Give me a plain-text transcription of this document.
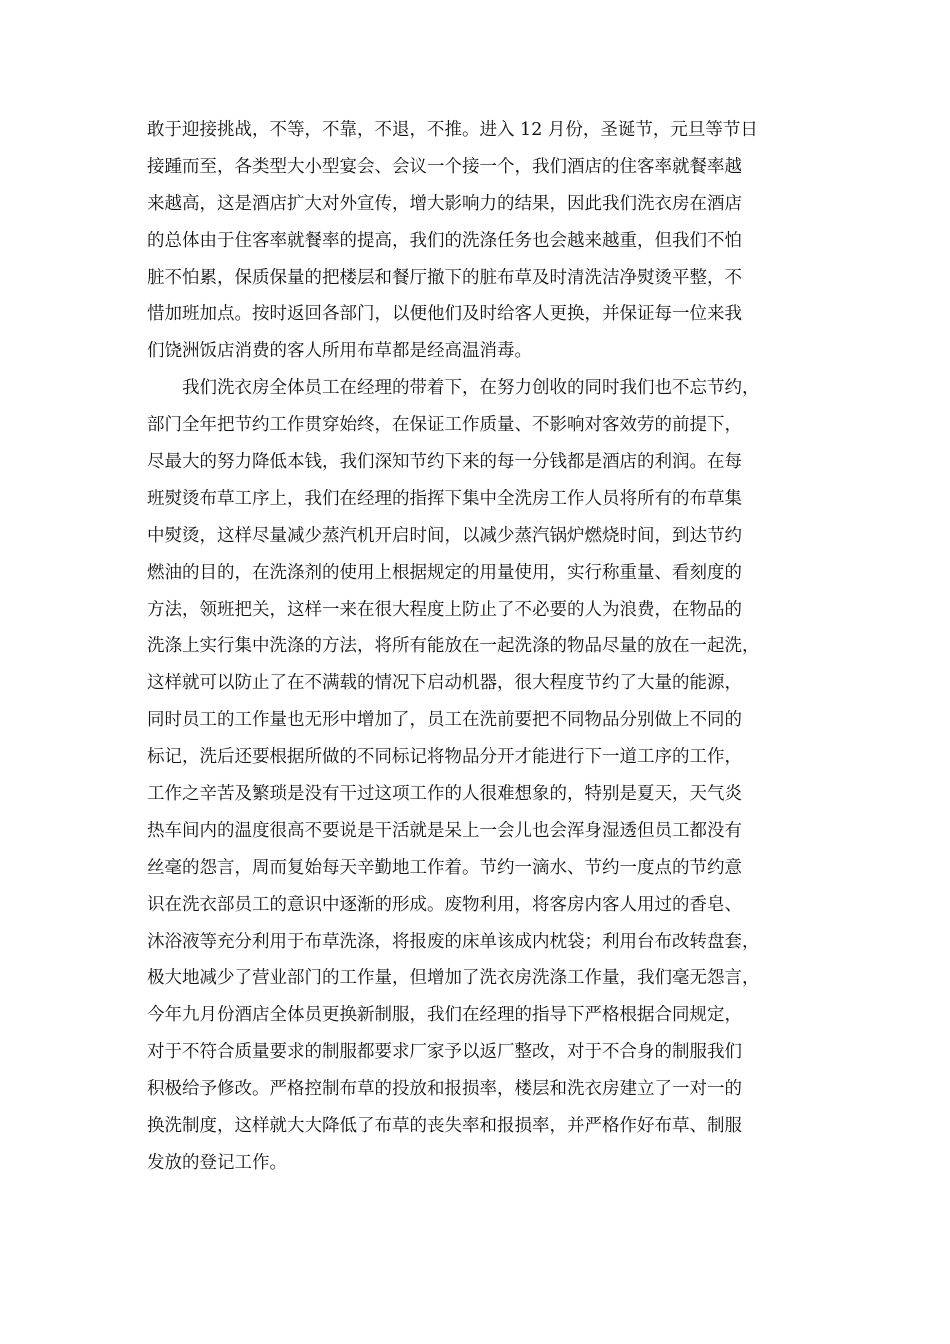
敢于迎接挑战，不等，不靠，不退，不推。进入 12 月份，圣诞节，元旦等节日
接踵而至，各类型大小型宴会、会议一个接一个，我们酒店的住客率就餐率越
来越高，这是酒店扩大对外宣传，增大影响力的结果，因此我们洗衣房在酒店
的总体由于住客率就餐率的提高，我们的洗涤任务也会越来越重，但我们不怕
脏不怕累，保质保量的把楼层和餐厅撤下的脏布草及时清洗洁净熨烫平整，不
惜加班加点。按时返回各部门，以便他们及时给客人更换，并保证每一位来我
们饶洲饭店消费的客人所用布草都是经高温消毒。
我们洗衣房全体员工在经理的带着下，在努力创收的同时我们也不忘节约，
部门全年把节约工作贯穿始终，在保证工作质量、不影响对客效劳的前提下，
尽最大的努力降低本钱，我们深知节约下来的每一分钱都是酒店的利润。在每
班熨烫布草工序上，我们在经理的指挥下集中全洗房工作人员将所有的布草集
中熨烫，这样尽量减少蒸汽机开启时间，以减少蒸汽锅炉燃烧时间，到达节约
燃油的目的，在洗涤剂的使用上根据规定的用量使用，实行称重量、看刻度的
方法，领班把关，这样一来在很大程度上防止了不必要的人为浪费，在物品的
洗涤上实行集中洗涤的方法，将所有能放在一起洗涤的物品尽量的放在一起洗，
这样就可以防止了在不满载的情况下启动机器，很大程度节约了大量的能源，
同时员工的工作量也无形中增加了，员工在洗前要把不同物品分别做上不同的
标记，洗后还要根据所做的不同标记将物品分开才能进行下一道工序的工作，
工作之辛苦及繁琐是没有干过这项工作的人很难想象的，特别是夏天，天气炎
热车间内的温度很高不要说是干活就是呆上一会儿也会浑身湿透但员工都没有
丝毫的怨言，周而复始每天辛勤地工作着。节约一滴水、节约一度点的节约意
识在洗衣部员工的意识中逐渐的形成。废物利用，将客房内客人用过的香皂、
沐浴液等充分利用于布草洗涤，将报废的床单该成内枕袋；利用台布改转盘套，
极大地减少了营业部门的工作量，但增加了洗衣房洗涤工作量，我们毫无怨言，
今年九月份酒店全体员更换新制服，我们在经理的指导下严格根据合同规定，
对于不符合质量要求的制服都要求厂家予以返厂整改，对于不合身的制服我们
积极给予修改。严格控制布草的投放和报损率，楼层和洗衣房建立了一对一的
换洗制度，这样就大大降低了布草的丧失率和报损率，并严格作好布草、制服
发放的登记工作。
